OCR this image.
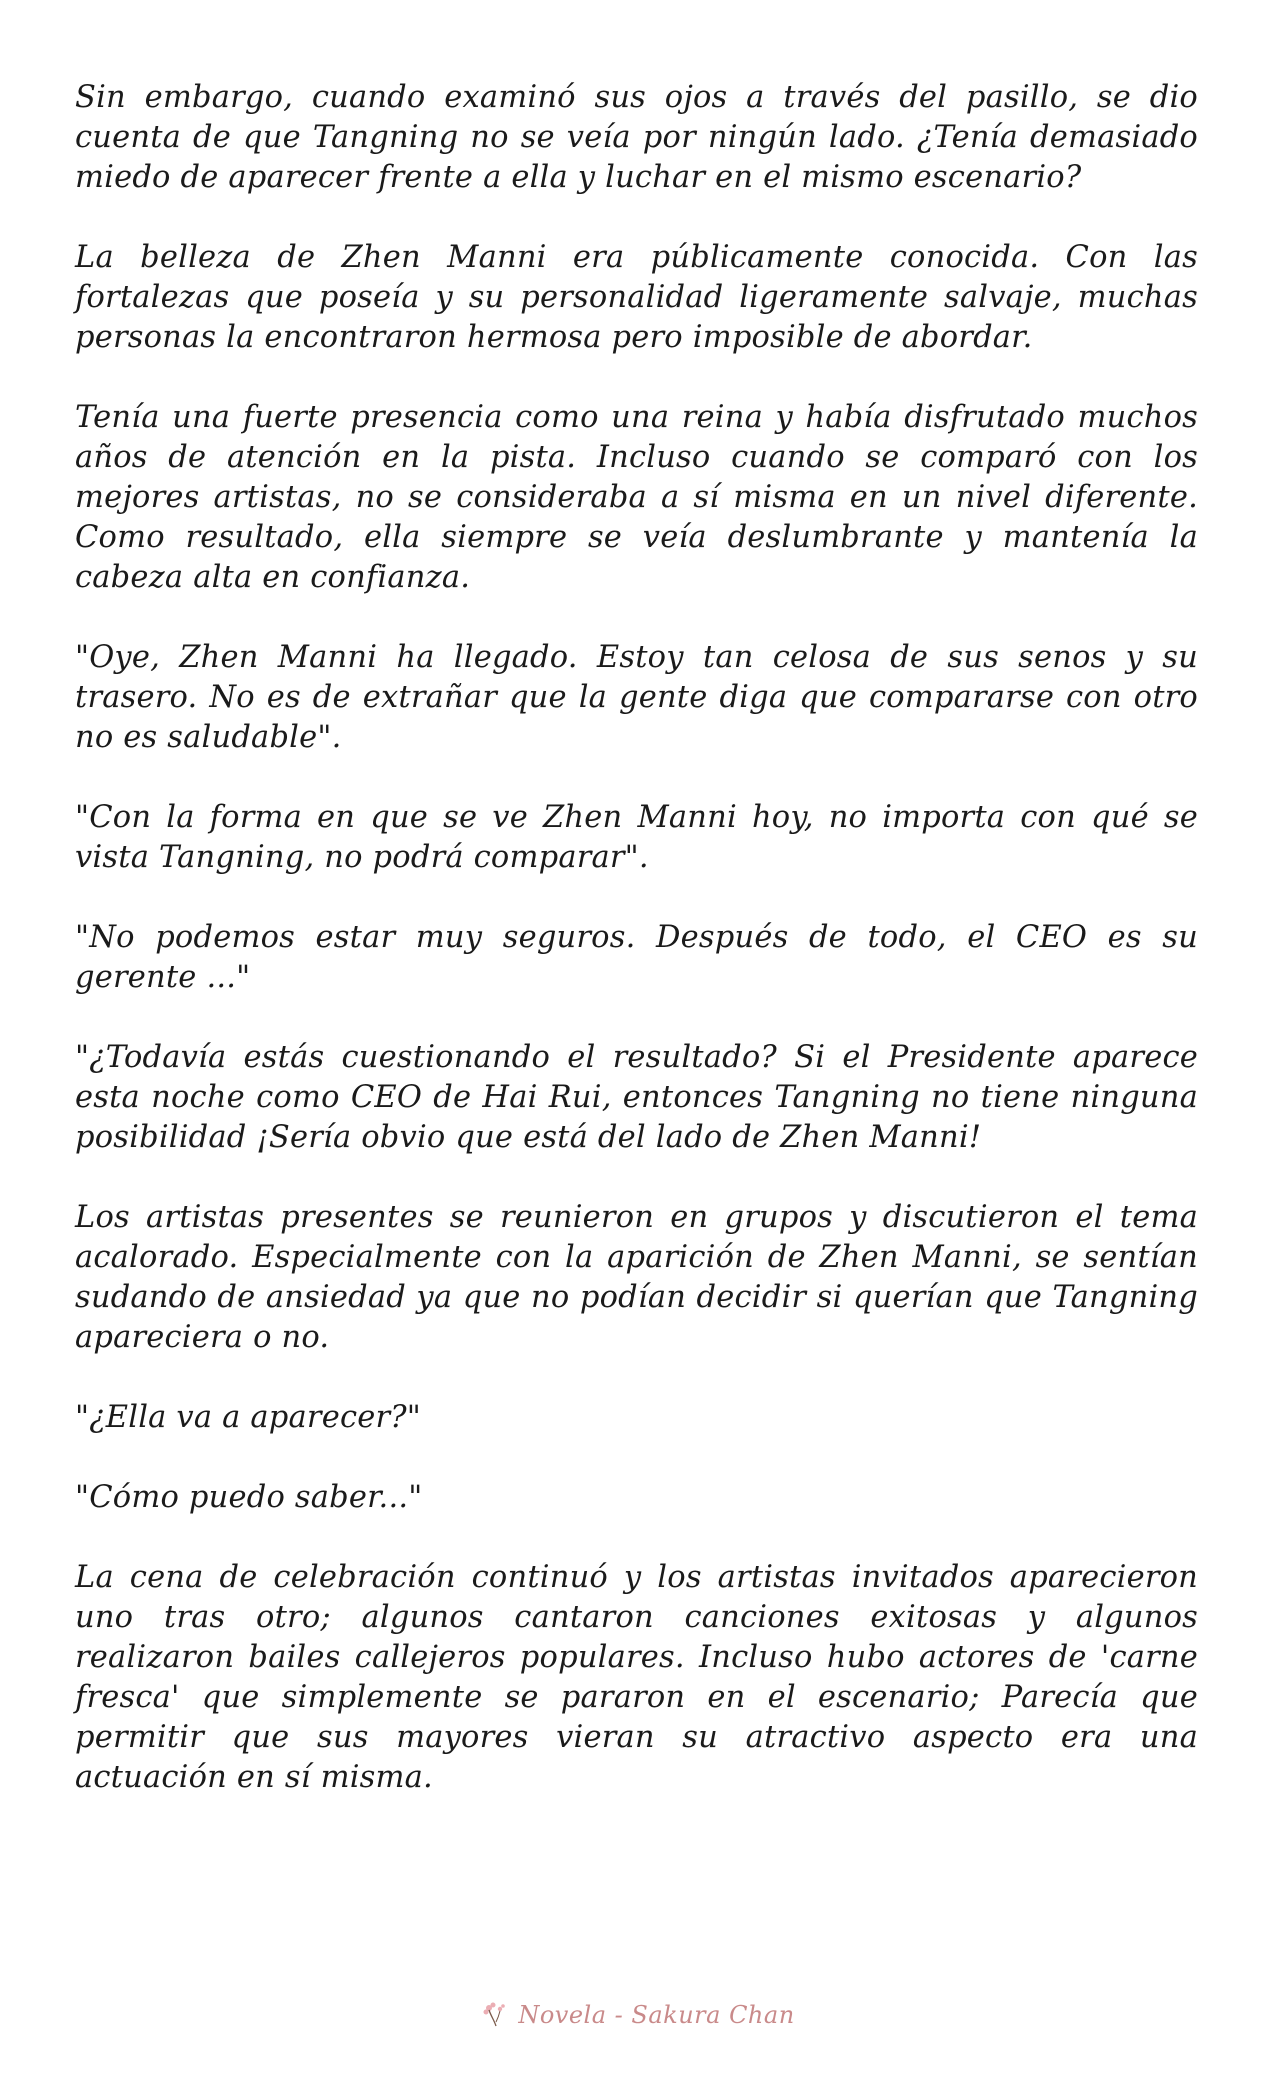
Sin embargo, cuando examinó sus ojos a través del pasillo, se dio cuenta de que Tangning no se veía por ningún lado. ¿Tenía demasiado miedo de aparecer frente a ella y luchar en el mismo escenario?

La belleza de Zhen Manni era públicamente conocida. Con las fortalezas que poseía y su personalidad ligeramente salvaje, muchas personas la encontraron hermosa pero imposible de abordar.

Tenía una fuerte presencia como una reina y había disfrutado muchos años de atención en la pista. Incluso cuando se comparó con los mejores artistas, no se consideraba a sí misma en un nivel diferente. Como resultado, ella siempre se veía deslumbrante y mantenía la cabeza alta en confianza.

"Oye, Zhen Manni ha llegado. Estoy tan celosa de sus senos y su trasero. No es de extrañar que la gente diga que compararse con otro no es saludable".

"Con la forma en que se ve Zhen Manni hoy, no importa con qué se vista Tangning, no podrá comparar".

"No podemos estar muy seguros. Después de todo, el CEO es su gerente ..."

"¿Todavía estás cuestionando el resultado? Si el Presidente aparece esta noche como CEO de Hai Rui, entonces Tangning no tiene ninguna posibilidad ¡Sería obvio que está del lado de Zhen Manni!

Los artistas presentes se reunieron en grupos y discutieron el tema acalorado. Especialmente con la aparición de Zhen Manni, se sentían sudando de ansiedad ya que no podían decidir si querían que Tangning apareciera o no.

"¿Ella va a aparecer?"

"Cómo puedo saber..."

La cena de celebración continuó y los artistas invitados aparecieron uno tras otro; algunos cantaron canciones exitosas y algunos realizaron bailes callejeros populares. Incluso hubo actores de 'carne fresca' que simplemente se pararon en el escenario; Parecía que permitir que sus mayores vieran su atractivo aspecto era una actuación en sí misma.

Novela - Sakura Chan
